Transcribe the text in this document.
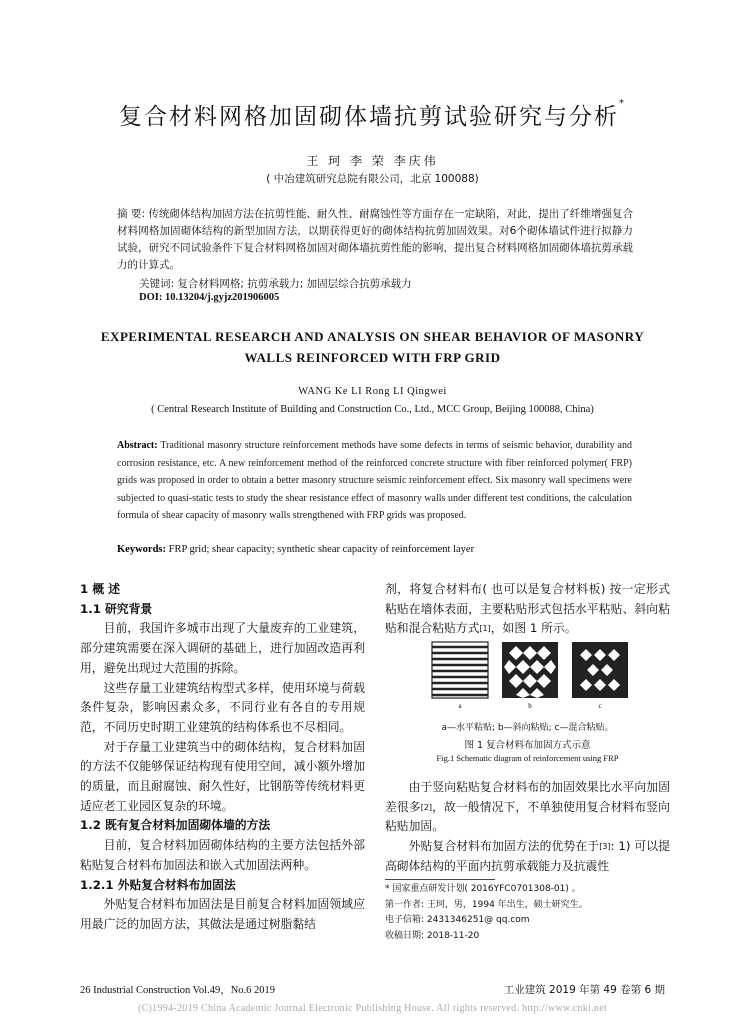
复合材料网格加固砌体墙抗剪试验研究与分析*
王 珂 李 荣 李庆伟
( 中冶建筑研究总院有限公司，北京 100088)
摘 要: 传统砌体结构加固方法在抗剪性能、耐久性、耐腐蚀性等方面存在一定缺陷，对此，提出了纤维增强复合材料网格加固砌体结构的新型加固方法，以期获得更好的砌体结构抗剪加固效果。对6个砌体墙试件进行拟静力试验，研究不同试验条件下复合材料网格加固对砌体墙抗剪性能的影响，提出复合材料网格加固砌体墙抗剪承载力的计算式。
关键词: 复合材料网格; 抗剪承载力; 加固层综合抗剪承载力
DOI: 10.13204/j.gyjz201906005
EXPERIMENTAL RESEARCH AND ANALYSIS ON SHEAR BEHAVIOR OF MASONRY
WALLS REINFORCED WITH FRP GRID
WANG Ke LI Rong LI Qingwei
( Central Research Institute of Building and Construction Co., Ltd., MCC Group, Beijing 100088, China)
Abstract: Traditional masonry structure reinforcement methods have some defects in terms of seismic behavior, durability and corrosion resistance, etc. A new reinforcement method of the reinforced concrete structure with fiber reinforced polymer( FRP) grids was proposed in order to obtain a better masonry structure seismic reinforcement effect. Six masonry wall specimens were subjected to quasi-static tests to study the shear resistance effect of masonry walls under different test conditions, the calculation formula of shear capacity of masonry walls strengthened with FRP grids was proposed.
Keywords: FRP grid; shear capacity; synthetic shear capacity of reinforcement layer

1 概 述

1.1 研究背景

目前，我国许多城市出现了大量废弃的工业建筑，部分建筑需要在深入调研的基础上，进行加固改造再利用，避免出现过大范围的拆除。

这些存量工业建筑结构型式多样，使用环境与荷载条件复杂，影响因素众多，不同行业有各自的专用规范，不同历史时期工业建筑的结构体系也不尽相同。

对于存量工业建筑当中的砌体结构，复合材料加固的方法不仅能够保证结构现有使用空间，减小额外增加的质量，而且耐腐蚀、耐久性好，比钢筋等传统材料更适应老工业园区复杂的环境。

1.2 既有复合材料加固砌体墙的方法

目前，复合材料加固砌体结构的主要方法包括外部粘贴复合材料布加固法和嵌入式加固法两种。

1.2.1 外贴复合材料布加固法

外贴复合材料布加固法是目前复合材料加固领域应用最广泛的加固方法，其做法是通过树脂黏结

剂，将复合材料布( 也可以是复合材料板) 按一定形式粘贴在墙体表面，主要粘贴形式包括水平粘贴、斜向粘贴和混合粘贴方式[1]，如图 1 所示。

a	b	c
a—水平粘贴; b—斜向粘贴; c—混合粘贴。
图 1 复合材料布加固方式示意
Fig.1 Schematic diagram of reinforcement using FRP

由于竖向粘贴复合材料布的加固效果比水平向加固差很多[2]，故一般情况下，不单独使用复合材料布竖向粘贴加固。

外贴复合材料布加固方法的优势在于[3]: 1) 可以提高砌体结构的平面内抗剪承载能力及抗震性

* 国家重点研发计划( 2016YFC0701308-01) 。
第一作者: 王珂，男，1994 年出生，硕士研究生。
电子信箱: 2431346251@ qq.com
收稿日期: 2018-11-20
26 Industrial Construction Vol.49，No.6 2019	工业建筑 2019 年第 49 卷第 6 期
(C)1994-2019 China Academic Journal Electronic Publishing House. All rights reserved. http://www.cnki.net
